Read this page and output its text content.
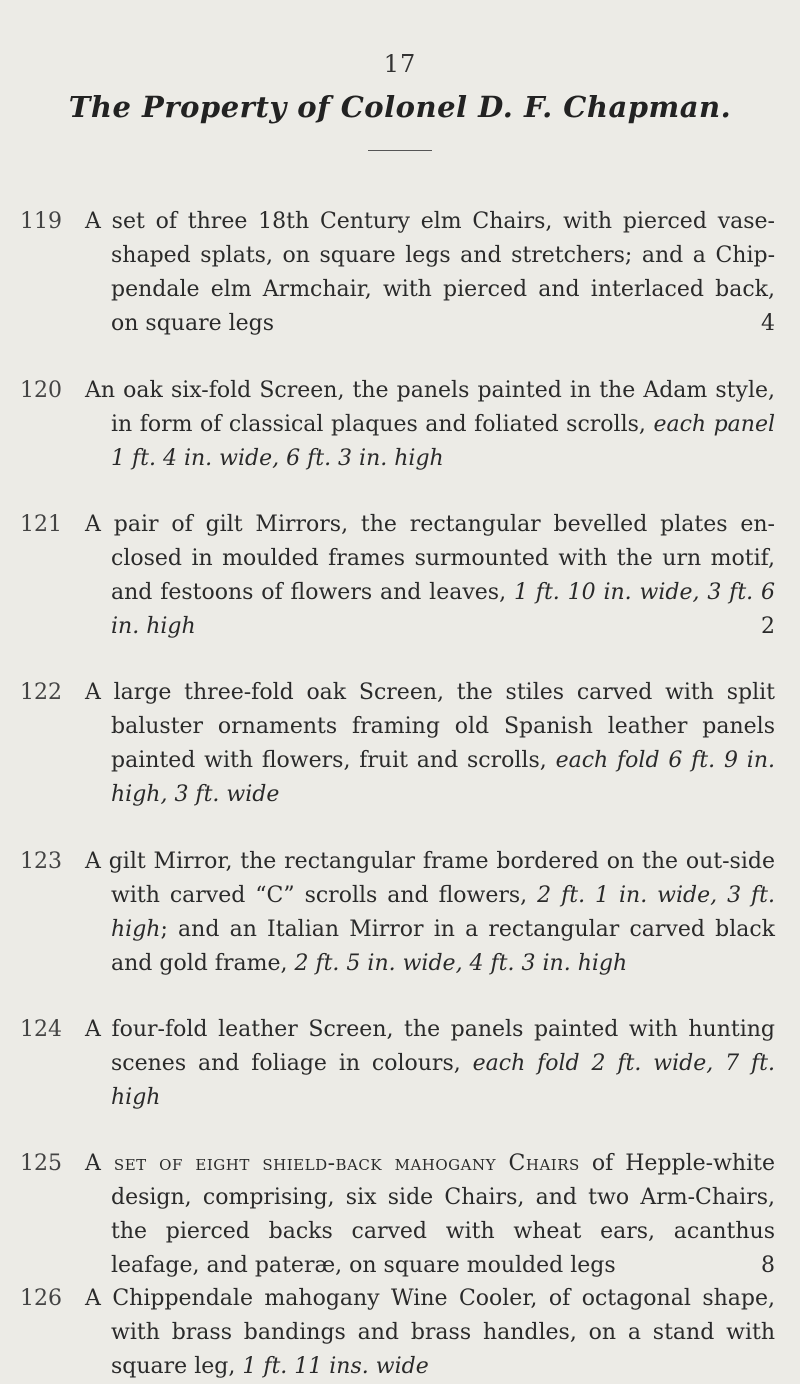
17
The Property of Colonel D. F. Chapman.
119	A set of three 18th Century elm Chairs, with pierced vase-shaped splats, on square legs and stretchers; and a Chip-pendale elm Armchair, with pierced and interlaced back, on square legs	4
120	An oak six-fold Screen, the panels painted in the Adam style, in form of classical plaques and foliated scrolls, each panel 1 ft. 4 in. wide, 6 ft. 3 in. high
121	A pair of gilt Mirrors, the rectangular bevelled plates en-closed in moulded frames surmounted with the urn motif, and festoons of flowers and leaves, 1 ft. 10 in. wide, 3 ft. 6 in. high	2
122	A large three-fold oak Screen, the stiles carved with split baluster ornaments framing old Spanish leather panels painted with flowers, fruit and scrolls, each fold 6 ft. 9 in. high, 3 ft. wide
123	A gilt Mirror, the rectangular frame bordered on the out-side with carved “C” scrolls and flowers, 2 ft. 1 in. wide, 3 ft. high; and an Italian Mirror in a rectangular carved black and gold frame, 2 ft. 5 in. wide, 4 ft. 3 in. high
124	A four-fold leather Screen, the panels painted with hunting scenes and foliage in colours, each fold 2 ft. wide, 7 ft. high
125	A set of eight shield-back mahogany Chairs of Hepple-white design, comprising, six side Chairs, and two Arm-Chairs, the pierced backs carved with wheat ears, acanthus leafage, and pateræ, on square moulded legs	8
126	A Chippendale mahogany Wine Cooler, of octagonal shape, with brass bandings and brass handles, on a stand with square leg, 1 ft. 11 ins. wide
